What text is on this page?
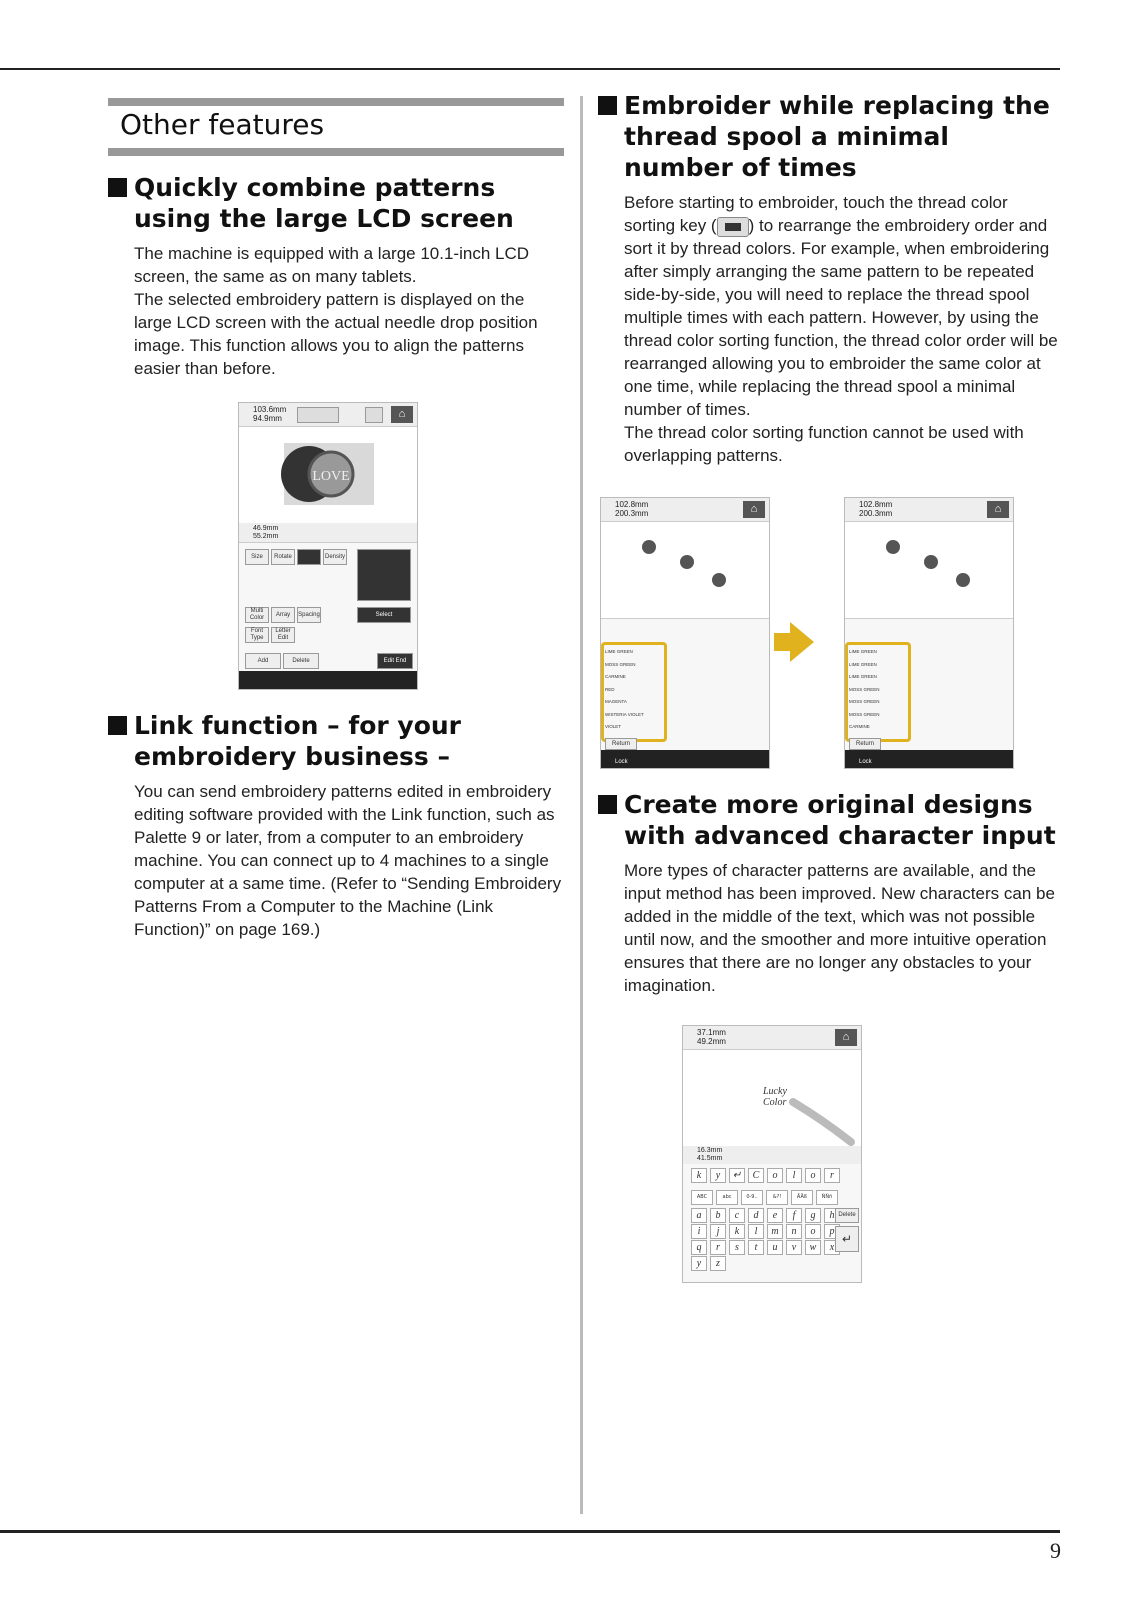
9
Other features
Quickly combine patterns using the large LCD screen

The machine is equipped with a large 10.1-inch LCD screen, the same as on many tablets.

The selected embroidery pattern is displayed on the large LCD screen with the actual needle drop position image. This function allows you to align the patterns easier than before.

103.6mm
94.9mm	⌂
LOVE
46.9mm
55.2mm
Size	Rotate	Density
Multi Color	Array	Spacing
Font Type
Letter Edit
Select
Add	Delete	Edit End
Link function – for your embroidery business –

You can send embroidery patterns edited in embroidery editing software provided with the Link function, such as Palette 9 or later, from a computer to an embroidery machine. You can connect up to 4 machines to a single computer at a same time. (Refer to “Sending Embroidery Patterns From a Computer to the Machine (Link Function)” on page 169.)

Embroider while replacing the thread spool a minimal number of times

Before starting to embroider, touch the thread color sorting key ( ) to rearrange the embroidery order and sort it by thread colors. For example, when embroidering after simply arranging the same pattern to be repeated side-by-side, you will need to replace the thread spool multiple times with each pattern. However, by using the thread color sorting function, the thread color order will be rearranged allowing you to embroider the same color at one time, while replacing the thread spool a minimal number of times.

The thread color sorting function cannot be used with overlapping patterns.

102.8mm
200.3mm	⌂
LIME GREEN
MOSS GREEN
CARMINE
RED
MAGENTA
WISTERIA VIOLET
VIOLET
Return
Lock
102.8mm
200.3mm	⌂
LIME GREEN
LIME GREEN
LIME GREEN
MOSS GREEN
MOSS GREEN
MOSS GREEN
CARMINE
Return
Lock
Create more original designs with advanced character input

More types of character patterns are available, and the input method has been improved. New characters can be added in the middle of the text, which was not possible until now, and the smoother and more intuitive operation ensures that there are no longer any obstacles to your imagination.

37.1mm
49.2mm	⌂
Lucky
Color
16.3mm
41.5mm
k	y	↵	C	o	l	o	r
ABC	abc	0-9..	&?!	ÄÄß	ÑÑñ
a	b	c	d	e	f	g	h
i	j	k	l	m	n	o	p
q	r	s	t	u	v	w	x
y	z
Delete
↵
